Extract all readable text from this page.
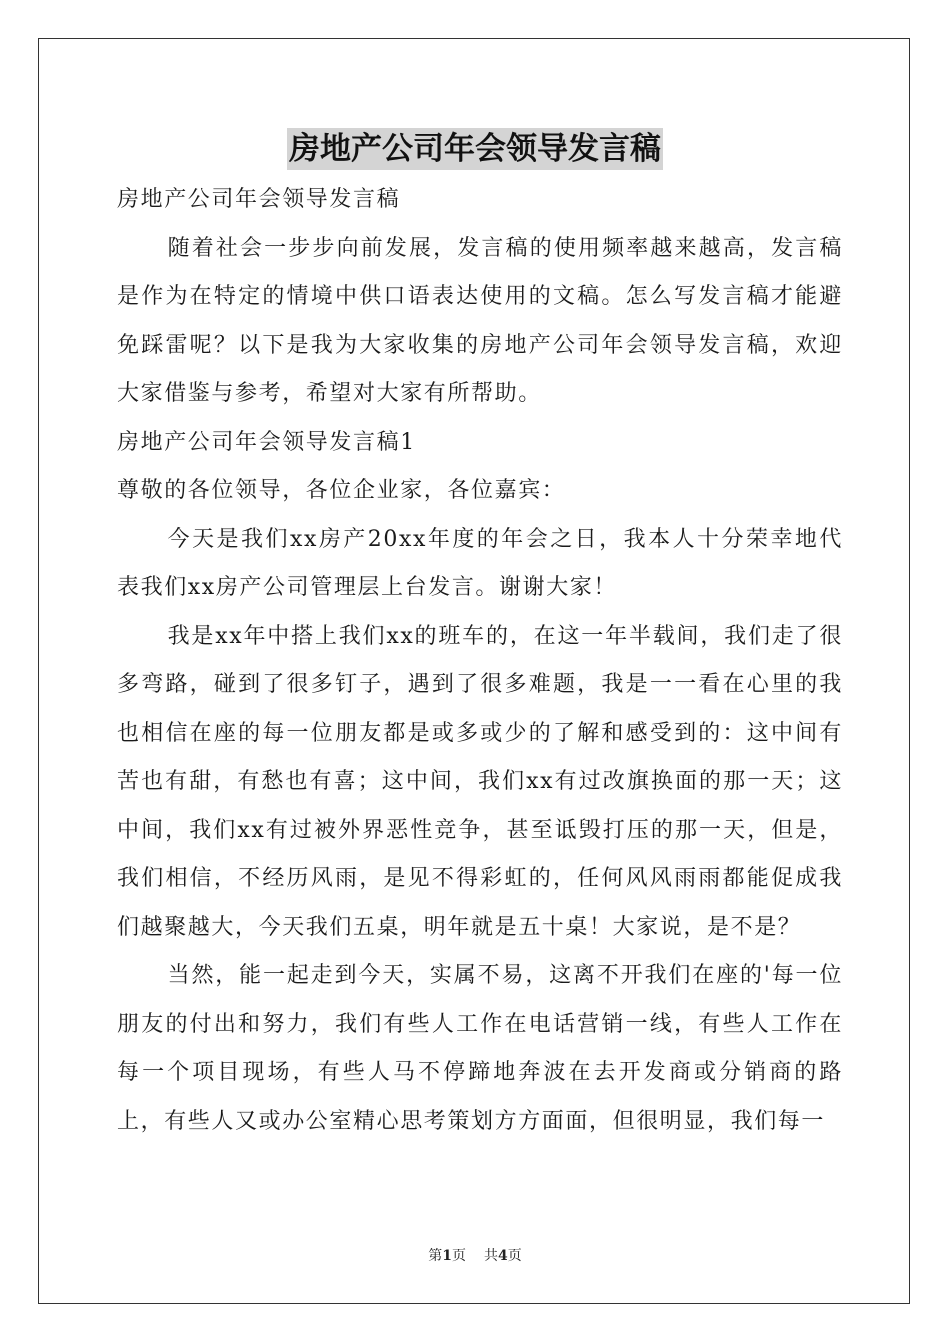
房地产公司年会领导发言稿

房地产公司年会领导发言稿

随着社会一步步向前发展，发言稿的使用频率越来越高，发言稿是作为在特定的情境中供口语表达使用的文稿。怎么写发言稿才能避免踩雷呢？以下是我为大家收集的房地产公司年会领导发言稿，欢迎大家借鉴与参考，希望对大家有所帮助。

房地产公司年会领导发言稿1

尊敬的各位领导，各位企业家，各位嘉宾：

今天是我们xx房产20xx年度的年会之日，我本人十分荣幸地代表我们xx房产公司管理层上台发言。谢谢大家！

我是xx年中搭上我们xx的班车的，在这一年半载间，我们走了很多弯路，碰到了很多钉子，遇到了很多难题，我是一一看在心里的我也相信在座的每一位朋友都是或多或少的了解和感受到的：这中间有苦也有甜，有愁也有喜；这中间，我们xx有过改旗换面的那一天；这中间，我们xx有过被外界恶性竞争，甚至诋毁打压的那一天，但是，我们相信，不经历风雨，是见不得彩虹的，任何风风雨雨都能促成我们越聚越大，今天我们五桌，明年就是五十桌！大家说，是不是？

当然，能一起走到今天，实属不易，这离不开我们在座的'每一位朋友的付出和努力，我们有些人工作在电话营销一线，有些人工作在每一个项目现场，有些人马不停蹄地奔波在去开发商或分销商的路上，有些人又或办公室精心思考策划方方面面，但很明显，我们每一

第1页 共4页
